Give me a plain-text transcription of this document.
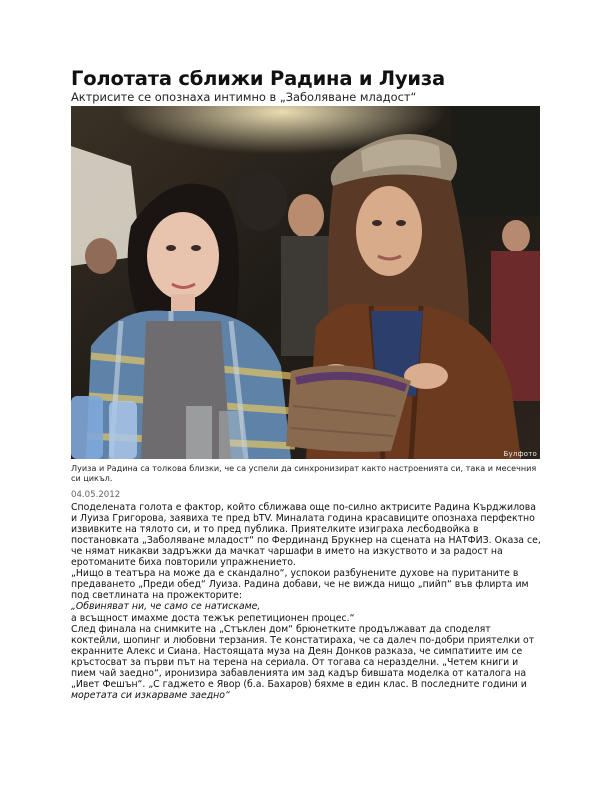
Голотата сближи Радина и Луиза

Актрисите се опознаха интимно в „Заболяване младост“

Булфото
Луиза и Радина са толкова близки, че са успели да синхронизират както настроенията си, така и месечния си цикъл.
04.05.2012

Споделената голота е фактор, който сближава още по-силно актрисите Радина Кърджилова и Луиза Григорова, заявиха те пред bTV. Миналата година красавиците опознаха перфектно извивките на тялото си, и то пред публика. Приятелките изиграха лесбодвойка в постановката „Заболяване младост“ по Фердинанд Брукнер на сцената на НАТФИЗ. Оказа се, че нямат никакви задръжки да мачкат чаршафи в името на изкуството и за радост на еротоманите биха повторили упражнението.

„Нищо в театъра на може да е скандално“, успокои разбунените духове на пуританите в предаването „Преди обед“ Луиза. Радина добави, че не вижда нищо „пийп“ във флирта им под светлината на прожекторите:

„Обвиняват ни, че само се натискаме,

а всъщност имахме доста тежък репетиционен процес.“

След финала на снимките на „Стъклен дом“ брюнетките продължават да споделят коктейли, шопинг и любовни терзания. Те констатираха, че са далеч по-добри приятелки от екранните Алекс и Сиана. Настоящата муза на Деян Донков разказа, че симпатиите им се кръстосват за първи път на терена на сериала. От тогава са неразделни. „Четем книги и пием чай заедно“, иронизира забавленията им зад кадър бившата моделка от каталога на „Ивет Фешън“. „С гаджето е Явор (б.а. Бахаров) бяхме в един клас. В последните години и

моретата си изкарваме заедно“
